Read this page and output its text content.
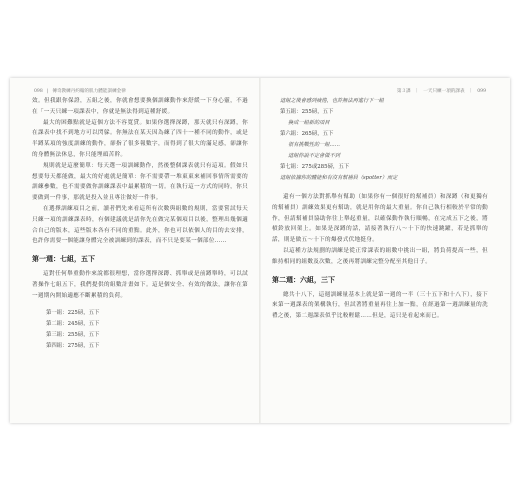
098 | 傳奇教練丹約翰的肌力體能訓練金律

效。但我跟你保證，五組之後，你就會想要換個訓練動作來舒緩一下身心靈，不過在「一天只練一項課表中，你就是無法得到這種舒緩。

最大的困難點就是這個方法不容寬貸。如果你選擇深蹲，那天就只有深蹲，你在課表中找不到地方可以閃躲。你無法在某天因為練了四十一種不同的動作，或是半蹲某項的強度訓練的動作，卻指了很多報數字，而得到了很大的滿足感，卻讓你的身體無法休息，你只能埋頭苦幹。

規則就是這麼簡單：每天選一項訓練動作，然後整個課表就只有這項。假如只想要每天都能做，最大的好處就是簡單：你不需要帶一堆東東來補回事情所需要的訓練參數，也不需要做你訓練課表中最累積的一切。在執行這一方式的同時，你只要做到一件事，那就是投入並且專注做好一件事。

在選擇訓練項目之前，讀者們先來看這所有次數與組數的規則，當要嘗試每天只練一項的訓練課表時，有個建議就是請你先在做完某個項目以後，整理出幾個適合自己的版本，這些版本各有不同的重點。此外，你也可以依個人的目的去安排，也許你需要一個能讓身體完全被訓練到的課表，而不只是要某一個部位……

第一週：七組，五下

這對任何舉重動作來說都很理想，當你選擇深蹲、抓舉或是前蹲舉時，可以試著操作七組五下，我們提供的組數計畫如下。這是個安全、有效的做法，讓你在第一週期內開始適應不斷累積的負荷。

第一組：225磅，五下
第二組：245磅，五下
第三組：255磅，五下
第四組：275磅，五下
第３課 ｜ 一天只練一項的課表 ｜ 099
這組之後會感到疲倦，也許無法再進行下一組
第五組：255磅，五下
換成一組新的項目
第六組：265磅，五下
很有挑戰性的一組……
這組你說不定會做不到
第七組：275或285磅，五下
這組依據你的體能和有沒有幫補員（spotter）而定

還有一個方法對抓舉有幫助（如果你有一個很好的幫補員）和深蹲（和更獨有的幫補員）訓練效果更有幫助，就是用你的最大重量。你自己執行相較於平常的動作，但請幫補員協助你往上舉起重量，以確保動作執行順暢，在完成五下之後，將槓鈴放回架上。如果是深蹲的話，請接著執行八～十下的快速跳躍，若是抓舉的話，則是做五～十下的爆發式伏地挺身。

以這種方法規劃的訓練是從正常課表的組數中挑出一組，將負荷提高一些，但維持相同的組數及次數，之後再將訓練完整分配至其他日子。

第二週：六組，三下

總共十八下，這週訓練量基本上就是第一週的一半（三十五下和十八下），接下來第一週課表的架構執行，但試著將重量再往上加一點，在經過第一週訓練量的洗禮之後，第二週課表似乎比較輕鬆……但是，這只是看起來而已。
